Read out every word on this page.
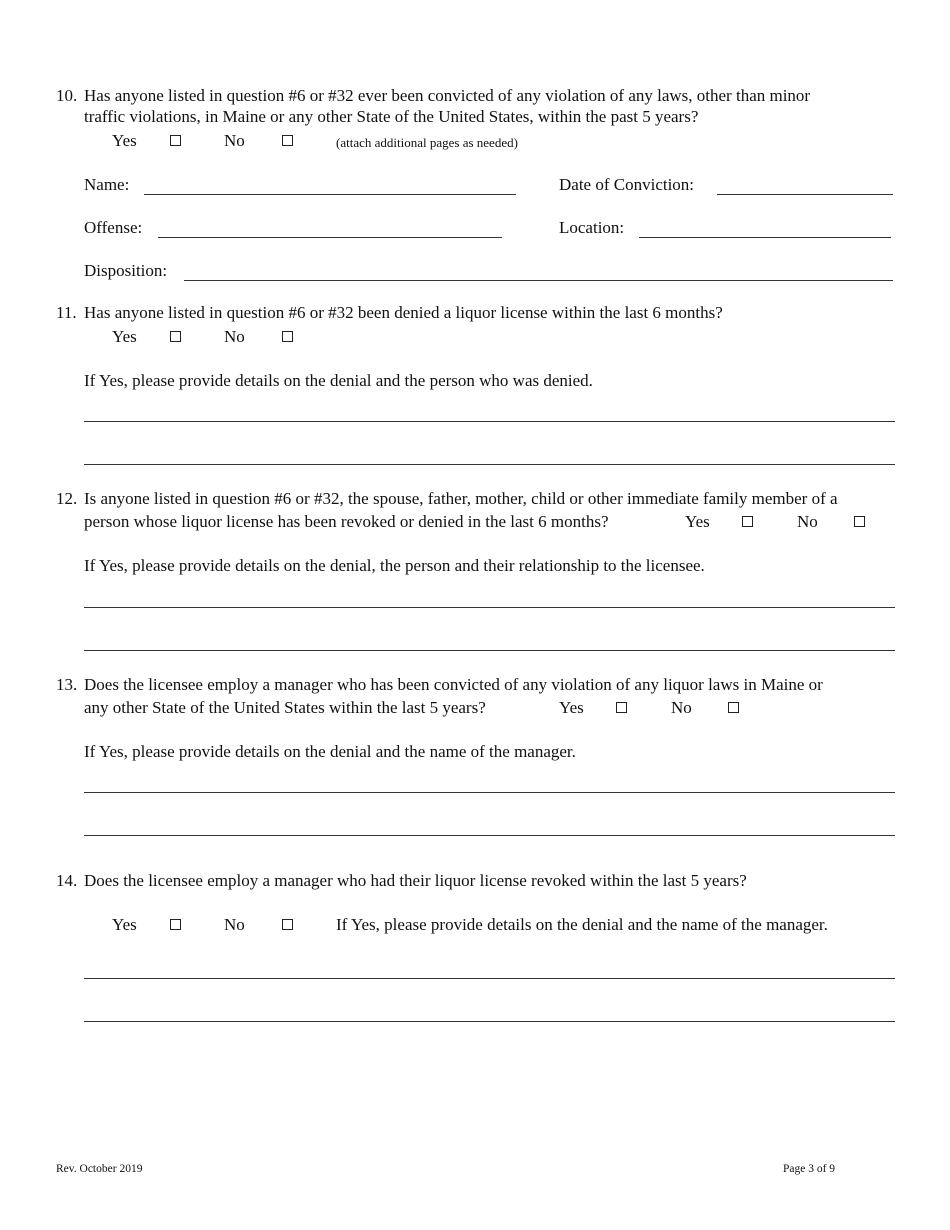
10. Has anyone listed in question #6 or #32 ever been convicted of any violation of any laws, other than minor
traffic violations, in Maine or any other State of the United States, within the past 5 years?
Yes	No	(attach additional pages as needed)
Name:	Date of Conviction:
Offense:	Location:
Disposition:
11. Has anyone listed in question #6 or #32 been denied a liquor license within the last 6 months?
Yes	No
If Yes, please provide details on the denial and the person who was denied.
12. Is anyone listed in question #6 or #32, the spouse, father, mother, child or other immediate family member of a
person whose liquor license has been revoked or denied in the last 6 months?	Yes	No
If Yes, please provide details on the denial, the person and their relationship to the licensee.
13. Does the licensee employ a manager who has been convicted of any violation of any liquor laws in Maine or
any other State of the United States within the last 5 years?	Yes	No
If Yes, please provide details on the denial and the name of the manager.
14. Does the licensee employ a manager who had their liquor license revoked within the last 5 years?
Yes	No	If Yes, please provide details on the denial and the name of the manager.
Rev. October 2019	Page 3 of 9
